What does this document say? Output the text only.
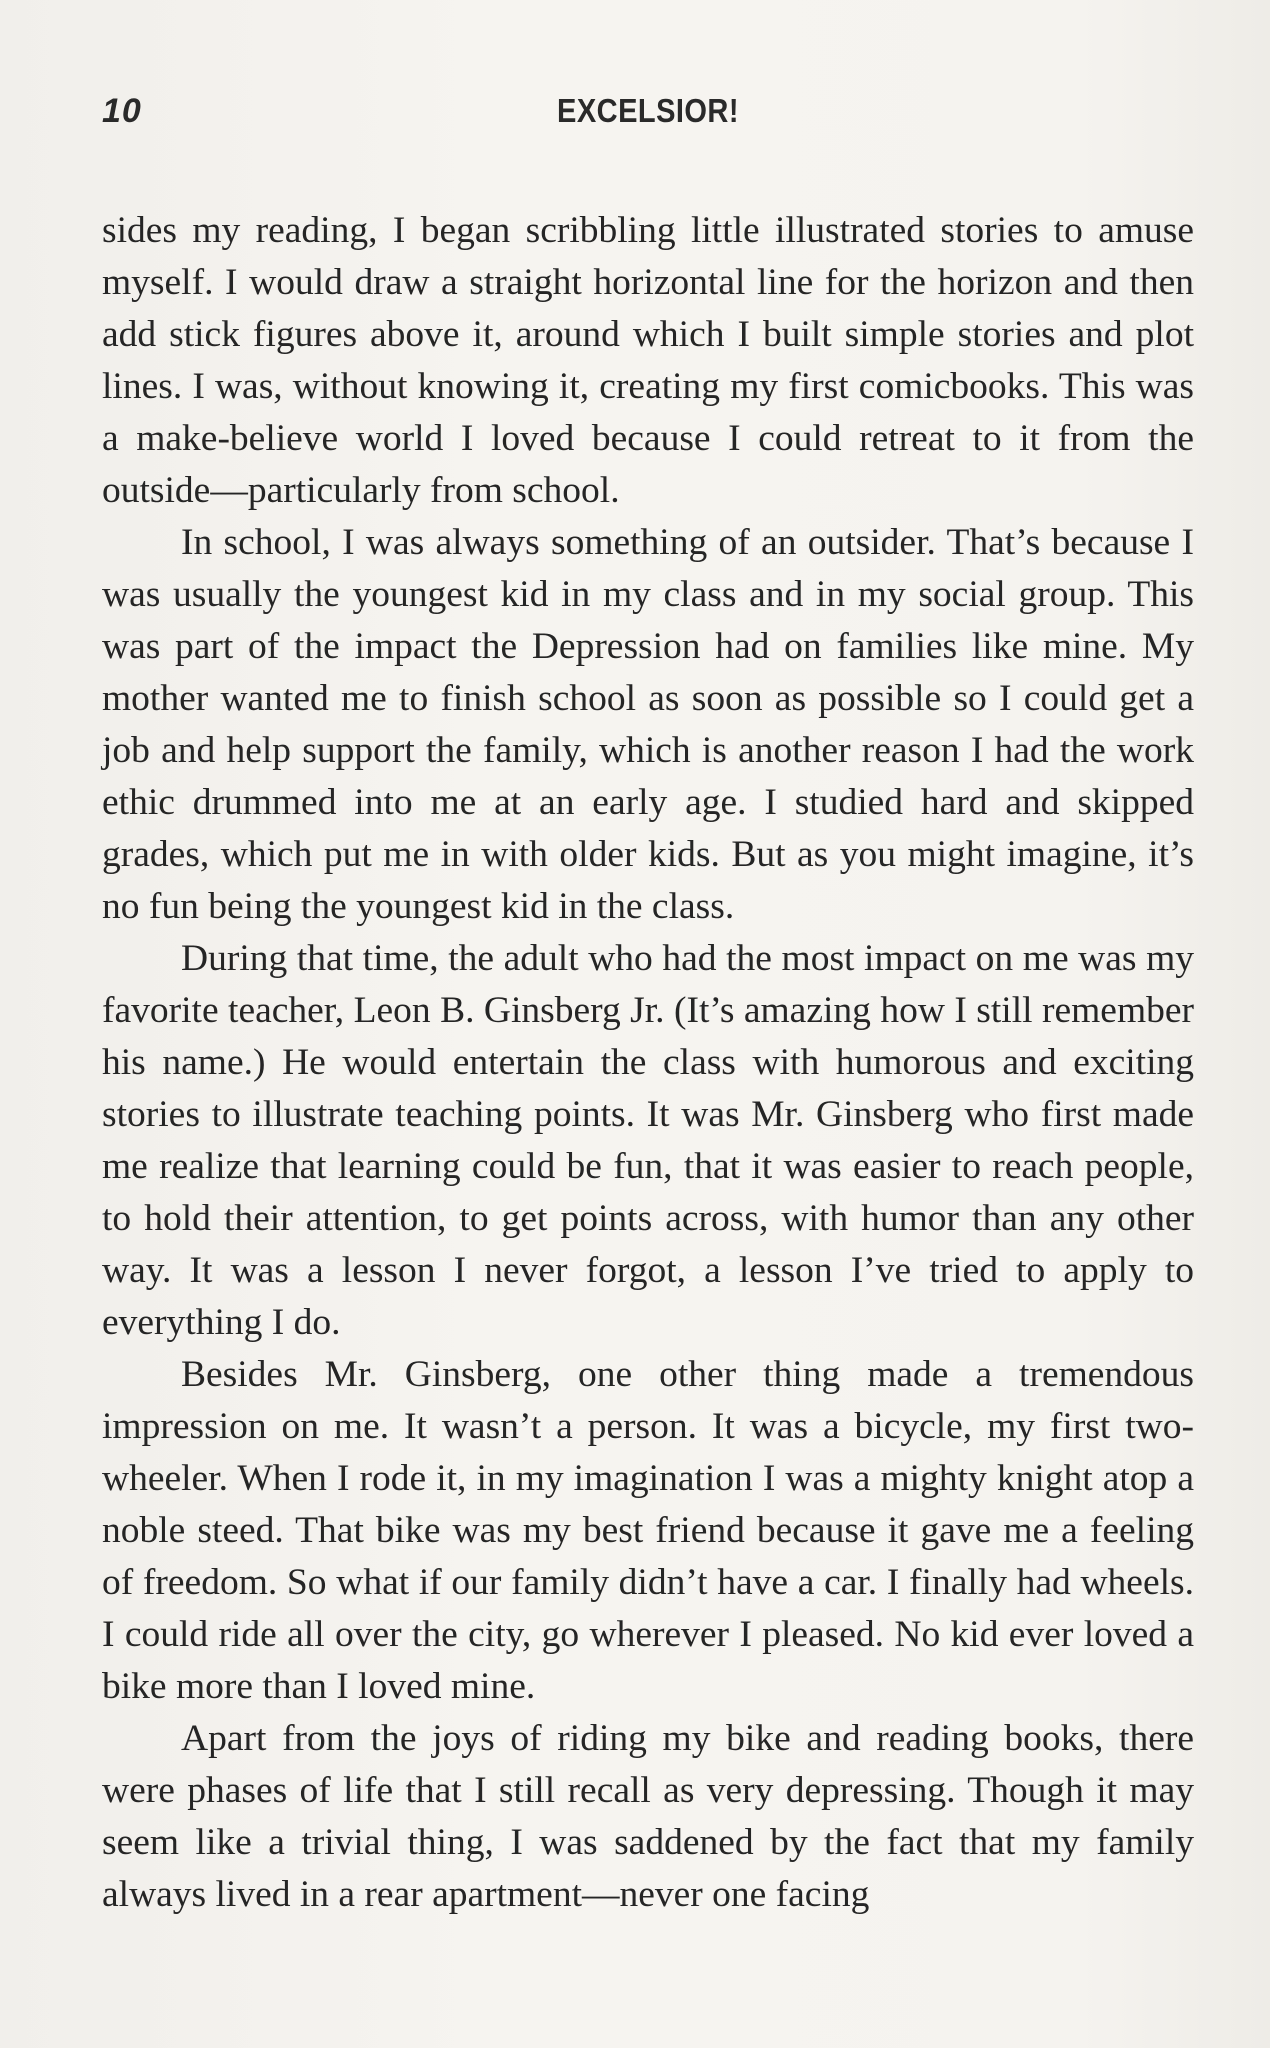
10	EXCELSIOR!

sides my reading, I began scribbling little illustrated stories to amuse myself. I would draw a straight horizontal line for the horizon and then add stick figures above it, around which I built simple stories and plot lines. I was, without knowing it, creating my first comicbooks. This was a make-believe world I loved because I could retreat to it from the outside—particularly from school.

In school, I was always something of an outsider. That’s because I was usually the youngest kid in my class and in my social group. This was part of the impact the Depression had on families like mine. My mother wanted me to finish school as soon as possible so I could get a job and help support the family, which is another reason I had the work ethic drummed into me at an early age. I studied hard and skipped grades, which put me in with older kids. But as you might imagine, it’s no fun being the youngest kid in the class.

During that time, the adult who had the most impact on me was my favorite teacher, Leon B. Ginsberg Jr. (It’s amazing how I still remember his name.) He would entertain the class with humorous and exciting stories to illustrate teaching points. It was Mr. Ginsberg who first made me realize that learning could be fun, that it was easier to reach people, to hold their attention, to get points across, with humor than any other way. It was a lesson I never forgot, a lesson I’ve tried to apply to everything I do.

Besides Mr. Ginsberg, one other thing made a tremendous impression on me. It wasn’t a person. It was a bicycle, my first two-wheeler. When I rode it, in my imagination I was a mighty knight atop a noble steed. That bike was my best friend because it gave me a feeling of freedom. So what if our family didn’t have a car. I finally had wheels. I could ride all over the city, go wherever I pleased. No kid ever loved a bike more than I loved mine.

Apart from the joys of riding my bike and reading books, there were phases of life that I still recall as very depressing. Though it may seem like a trivial thing, I was saddened by the fact that my family always lived in a rear apartment—never one facing
